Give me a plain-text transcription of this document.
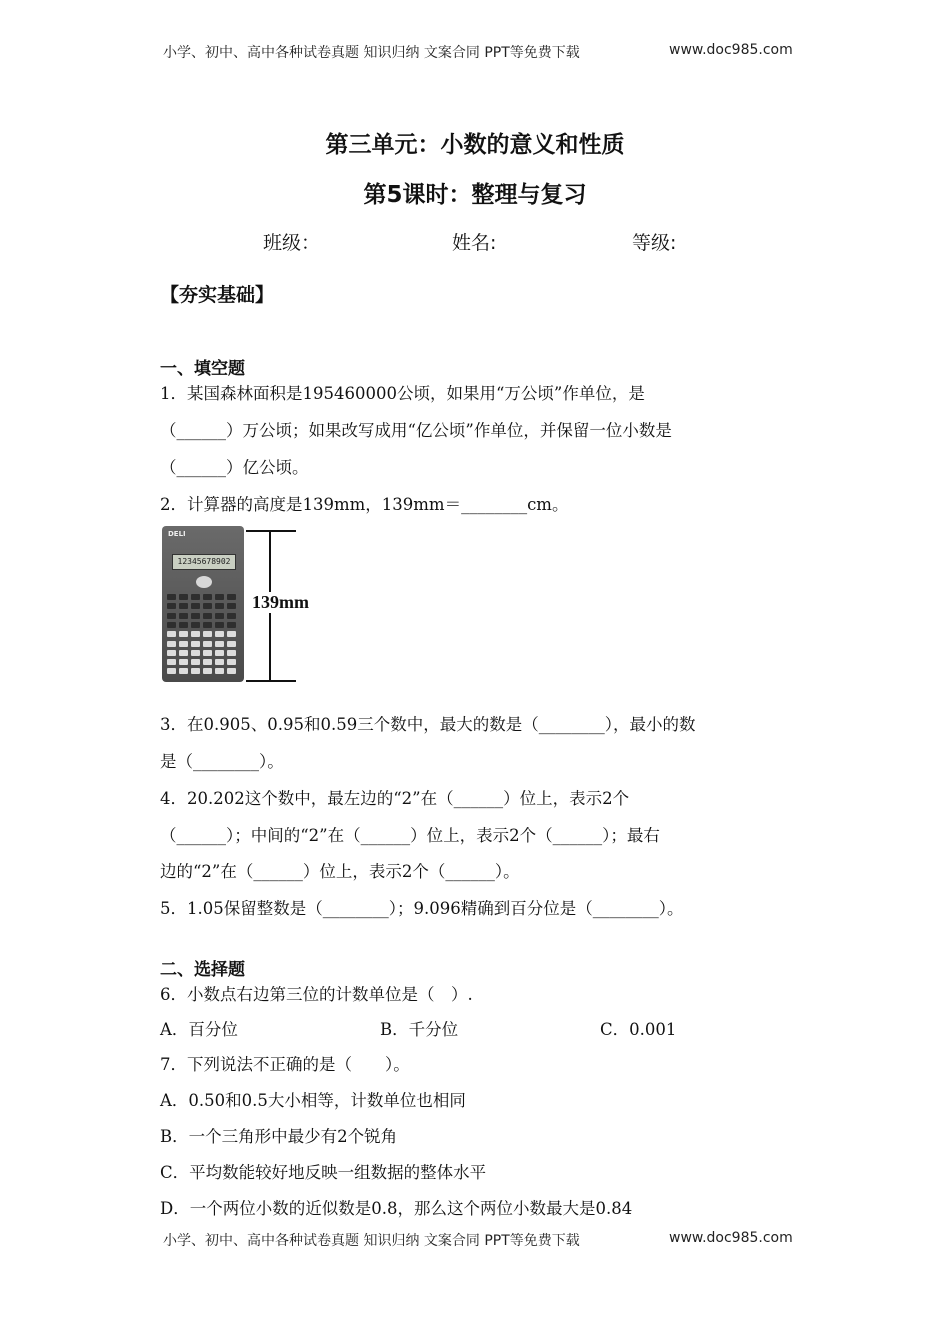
小学、初中、高中各种试卷真题 知识归纳 文案合同 PPT等免费下载	www.doc985.com
第三单元：小数的意义和性质
第5课时：整理与复习
班级：	姓名:	等级:
【夯实基础】
一、填空题
1．某国森林面积是195460000公顷，如果用“万公顷”作单位，是
（______）万公顷；如果改写成用“亿公顷”作单位，并保留一位小数是
（______）亿公顷。
2．计算器的高度是139mm，139mm＝________cm。
DELI
12345678902
139mm
3．在0.905、0.95和0.59三个数中，最大的数是（________），最小的数
是（________）。
4．20.202这个数中，最左边的“2”在（______）位上，表示2个
（______）；中间的“2”在（______）位上，表示2个（______）；最右
边的“2”在（______）位上，表示2个（______）。
5．1.05保留整数是（________）；9.096精确到百分位是（________）。
二、选择题
6．小数点右边第三位的计数单位是（　）.
A．百分位	B．千分位	C．0.001
7．下列说法不正确的是（　　）。
A．0.50和0.5大小相等，计数单位也相同
B．一个三角形中最少有2个锐角
C．平均数能较好地反映一组数据的整体水平
D．一个两位小数的近似数是0.8，那么这个两位小数最大是0.84
小学、初中、高中各种试卷真题 知识归纳 文案合同 PPT等免费下载	www.doc985.com
